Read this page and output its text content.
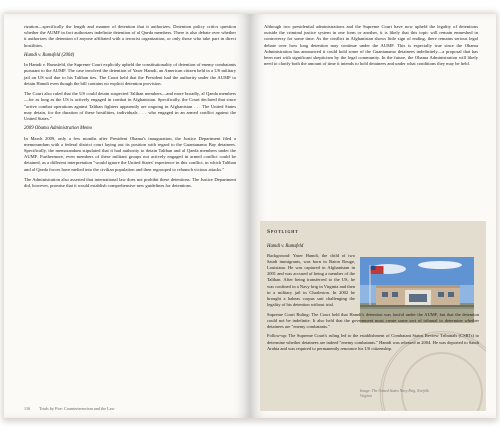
rization—specifically the length and manner of detention that it authorizes. Detention policy critics question whether the AUMF in fact authorizes indefinite detention of al Qaeda members. There is also debate over whether it authorizes the detention of anyone affiliated with a terrorist organization, or only those who take part in direct hostilities.

Hamdi v. Rumsfeld (2004)

In Hamdi v. Rumsfeld, the Supreme Court explicitly upheld the constitutionality of detention of enemy combatants pursuant to the AUMF. The case involved the detention of Yaser Hamdi, an American citizen held in a US military jail on US soil due to his Taliban ties. The Court held that the President had the authority under the AUMF to detain Hamdi even though the bill contains no explicit detention provision.

The Court also ruled that the US could detain suspected Taliban members—and more broadly, al Qaeda members—for as long as the US is actively engaged in combat in Afghanistan. Specifically, the Court declared that since "active combat operations against Taliban fighters apparently are ongoing in Afghanistan . . . The United States may detain, for the duration of these hostilities, individuals . . . who engaged in an armed conflict against the United States."

2009 Obama Administration Memo

In March 2009, only a few months after President Obama's inauguration, the Justice Department filed a memorandum with a federal district court laying out its position with regard to the Guantanamo Bay detainees. Specifically, the memorandum stipulated that it had authority to detain Taliban and al Qaeda members under the AUMF. Furthermore, even members of these militant groups not actively engaged in armed conflict could be detained, as a different interpretation "would ignore the United States' experience in this conflict, in which Taliban and al Qaeda forces have melted into the civilian population and then regrouped to relaunch vicious attacks."

The Administration also asserted that international law does not prohibit these detentions. The Justice Department did, however, promise that it would establish comprehensive new guidelines for detentions.

116 Trials by Fire: Counterterrorism and the Law

Although two presidential administrations and the Supreme Court have now upheld the legality of detentions outside the criminal justice system in one form or another, it is likely that this topic will remain enmeshed in controversy for some time. As the conflict in Afghanistan shows little sign of ending, there remains serious legal debate over how long detention may continue under the AUMF. This is especially true since the Obama Administration has announced it could hold some of the Guantanamo detainees indefinitely—a proposal that has been met with significant skepticism by the legal community. In the future, the Obama Administration will likely need to clarify both the amount of time it intends to hold detainees and under what conditions they may be held.

Spotlight
Hamdi v. Rumsfeld

Background: Yaser Hamdi, the child of two Saudi immigrants, was born in Baton Rouge, Louisiana. He was captured in Afghanistan in 2001 and was accused of being a member of the Taliban. After being transferred to the US, he was confined in a Navy brig in Virginia and then in a military jail in Charleston. In 2002 he brought a habeas corpus suit challenging the legality of his detention without trial.

Supreme Court Ruling: The Court held that Hamdi's detention was lawful under the AUMF, but that the detention could not be indefinite. It also held that the government must create some sort of tribunal to determine whether detainees are "enemy combatants."

Follow-up: The Supreme Court's ruling led to the establishment of Combatant Status Review Tribunals (CSRTs) to determine whether detainees are indeed "enemy combatants." Hamdi was released in 2004. He was deported to Saudi Arabia and was required to permanently renounce his US citizenship.

Image: The United States Navy Brig, Norfolk Virginia
